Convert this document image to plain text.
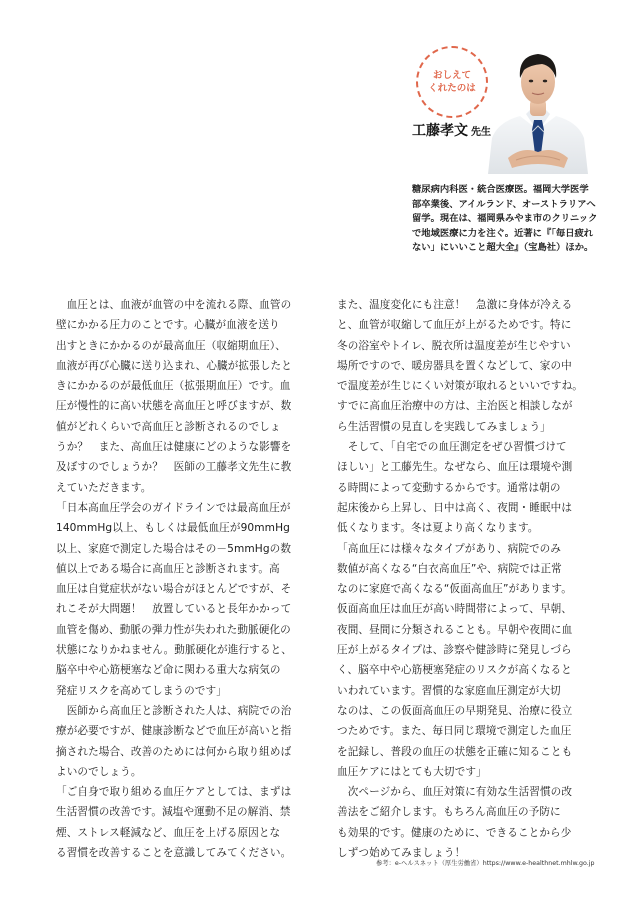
おしえて
くれたのは
工藤孝文 先生

糖尿病内科医・統合医療医。福岡大学医学

部卒業後、アイルランド、オーストラリアへ

留学。現在は、福岡県みやま市のクリニック

で地域医療に力を注ぐ。近著に『「毎日疲れ

ない」にいいこと超大全』（宝島社）ほか。

　血圧とは、血液が血管の中を流れる際、血管の

壁にかかる圧力のことです。心臓が血液を送り

出すときにかかるのが最高血圧（収縮期血圧）、

血液が再び心臓に送り込まれ、心臓が拡張したと

きにかかるのが最低血圧（拡張期血圧）です。血

圧が慢性的に高い状態を高血圧と呼びますが、数

値がどれくらいで高血圧と診断されるのでしょ

うか？　また、高血圧は健康にどのような影響を

及ぼすのでしょうか？　医師の工藤孝文先生に教

えていただきます。

「日本高血圧学会のガイドラインでは最高血圧が

140mmHg以上、もしくは最低血圧が90mmHg

以上、家庭で測定した場合はその－5mmHgの数

値以上である場合に高血圧と診断されます。高

血圧は自覚症状がない場合がほとんどですが、そ

れこそが大問題！　放置していると長年かかって

血管を傷め、動脈の弾力性が失われた動脈硬化の

状態になりかねません。動脈硬化が進行すると、

脳卒中や心筋梗塞など命に関わる重大な病気の

発症リスクを高めてしまうのです」

　医師から高血圧と診断された人は、病院での治

療が必要ですが、健康診断などで血圧が高いと指

摘された場合、改善のためには何から取り組めば

よいのでしょう。

「ご自身で取り組める血圧ケアとしては、まずは

生活習慣の改善です。減塩や運動不足の解消、禁

煙、ストレス軽減など、血圧を上げる原因とな

る習慣を改善することを意識してみてください。

また、温度変化にも注意！　急激に身体が冷える

と、血管が収縮して血圧が上がるためです。特に

冬の浴室やトイレ、脱衣所は温度差が生じやすい

場所ですので、暖房器具を置くなどして、家の中

で温度差が生じにくい対策が取れるといいですね。

すでに高血圧治療中の方は、主治医と相談しなが

ら生活習慣の見直しを実践してみましょう」

　そして、「自宅での血圧測定をぜひ習慣づけて

ほしい」と工藤先生。なぜなら、血圧は環境や測

る時間によって変動するからです。通常は朝の

起床後から上昇し、日中は高く、夜間・睡眠中は

低くなります。冬は夏より高くなります。

「高血圧には様々なタイプがあり、病院でのみ

数値が高くなる“白衣高血圧”や、病院では正常

なのに家庭で高くなる“仮面高血圧”があります。

仮面高血圧は血圧が高い時間帯によって、早朝、

夜間、昼間に分類されることも。早朝や夜間に血

圧が上がるタイプは、診察や健診時に発見しづら

く、脳卒中や心筋梗塞発症のリスクが高くなると

いわれています。習慣的な家庭血圧測定が大切

なのは、この仮面高血圧の早期発見、治療に役立

つためです。また、毎日同じ環境で測定した血圧

を記録し、普段の血圧の状態を正確に知ることも

血圧ケアにはとても大切です」

　次ページから、血圧対策に有効な生活習慣の改

善法をご紹介します。もちろん高血圧の予防に

も効果的です。健康のために、できることから少

しずつ始めてみましょう！

参考：e-ヘルスネット（厚生労働省）https://www.e-healthnet.mhlw.go.jp
